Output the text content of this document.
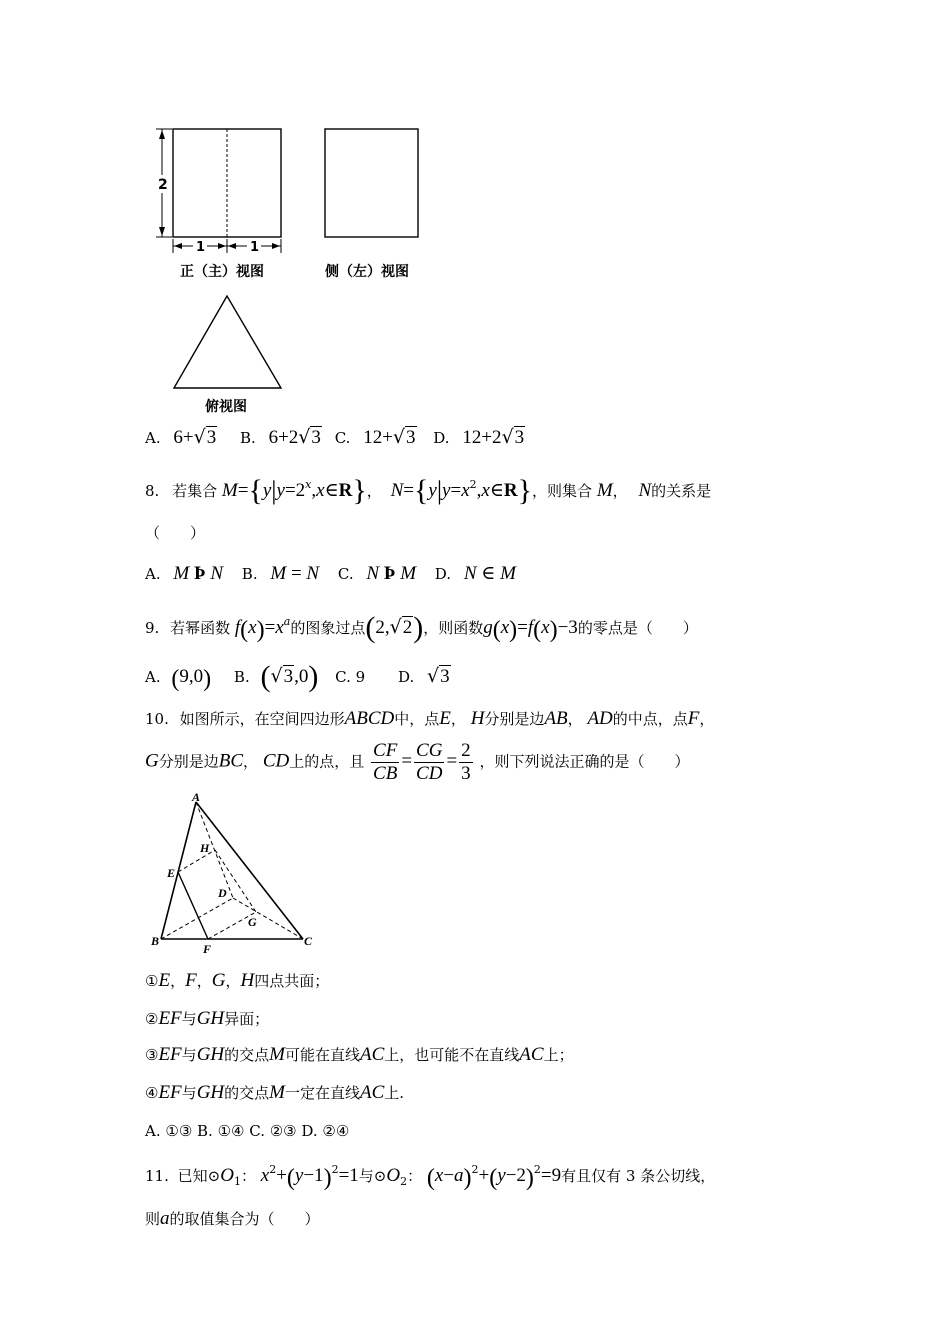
2
1	1
正（主）视图	侧（左）视图
俯视图
A. 6+√3 B. 6+2√3 C. 12+√3 D. 12+2√3
8. 若集合 $M=\{y|y=2^x,x\in R\}$， $N=\{y|y=x^2,x\in R\}$，则集合 M， N的关系是
（　　）
A. M Þ N B. M = N C. N Þ M D. N ∈ M
9. 若幂函数 $f(x)=x^a$的图象过点(2,√2)，则函数g(x)=f(x)−3的零点是（　　）
A. (9,0) B. (√3,0) C. 9 D. √3
10. 如图所示，在空间四边形ABCD中，点E， H分别是边AB， AD的中点，点F，
G分别是边BC， CD上的点，且 $\frac{CF}{CB} = \frac{CG}{CD} = \frac{2}{3}$ ，则下列说法正确的是（　　）
A
H
E
D
G
B
F
C
①E，F，G，H四点共面；
②EF与GH异面；
③EF与GH的交点M可能在直线AC上，也可能不在直线AC上；
④EF与GH的交点M一定在直线AC上.
A. ①③ B. ①④ C. ②③ D. ②④
11. 已知$⊙O_1$： $x^2+(y-1)^2=1$与$⊙O_2$： $(x-a)^2+(y-2)^2=9$有且仅有 3 条公切线，
则a的取值集合为（　　）
